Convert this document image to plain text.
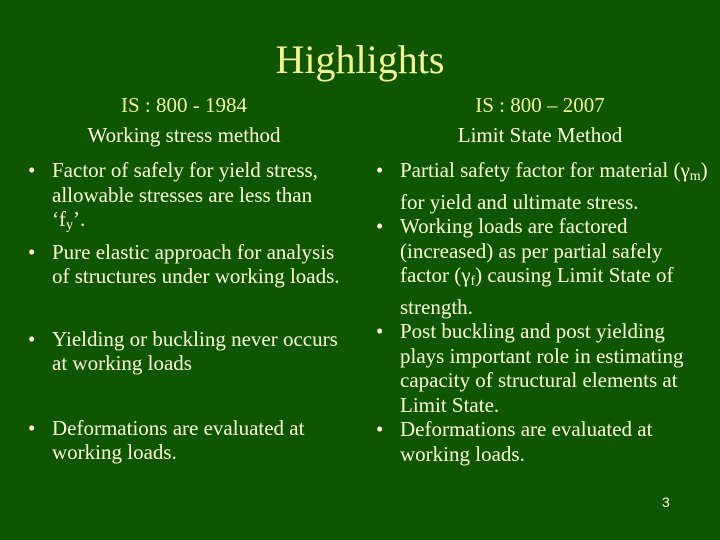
Highlights
IS : 800 - 1984
Working stress method
IS : 800 – 2007
Limit State Method
• Factor of safely for yield stress, allowable stresses are less than ‘$f_y$’.
• Pure elastic approach for analysis of structures under working loads.
• Yielding or buckling never occurs at working loads
• Deformations are evaluated at working loads.
• Partial safety factor for material $(\gamma_m)$ for yield and ultimate stress.
• Working loads are factored (increased) as per partial safely factor $(\gamma_f)$ causing Limit State of strength.
• Post buckling and post yielding plays important role in estimating capacity of structural elements at Limit State.
• Deformations are evaluated at working loads.
3
